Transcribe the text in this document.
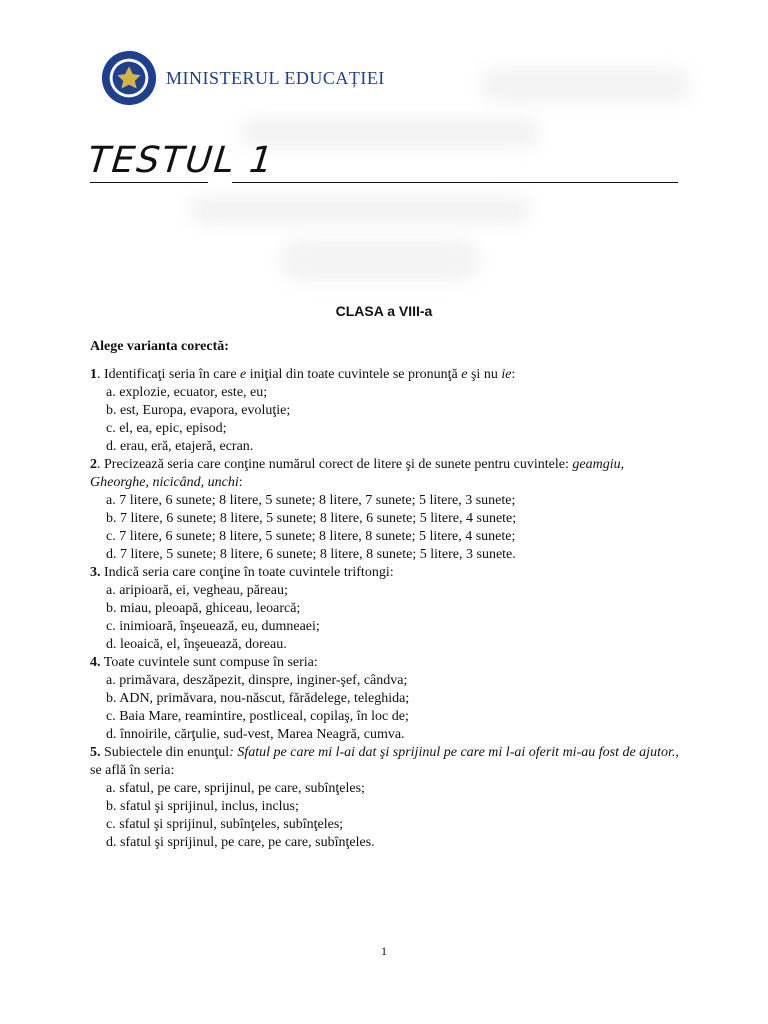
MINISTERUL EDUCAȚIEI
TESTUL 1
CLASA a VIII-a
Alege varianta corectă:
1. Identificaţi seria în care e iniţial din toate cuvintele se pronunţă e şi nu ie:
a. explozie, ecuator, este, eu;
b. est, Europa, evapora, evoluţie;
c. el, ea, epic, episod;
d. erau, eră, etajeră, ecran.
2. Precizează seria care conţine numărul corect de litere şi de sunete pentru cuvintele: geamgiu, Gheorghe, nicicând, unchi:
a. 7 litere, 6 sunete; 8 litere, 5 sunete; 8 litere, 7 sunete; 5 litere, 3 sunete;
b. 7 litere, 6 sunete; 8 litere, 5 sunete; 8 litere, 6 sunete; 5 litere, 4 sunete;
c. 7 litere, 6 sunete; 8 litere, 5 sunete; 8 litere, 8 sunete; 5 litere, 4 sunete;
d. 7 litere, 5 sunete; 8 litere, 6 sunete; 8 litere, 8 sunete; 5 litere, 3 sunete.
3. Indică seria care conţine în toate cuvintele triftongi:
a. aripioară, ei, vegheau, păreau;
b. miau, pleoapă, ghiceau, leoarcă;
c. inimioară, înşeuează, eu, dumneaei;
d. leoaică, el, înşeuează, doreau.
4. Toate cuvintele sunt compuse în seria:
a. primăvara, deszăpezit, dinspre, inginer-şef, cândva;
b. ADN, primăvara, nou-născut, fărădelege, teleghida;
c. Baia Mare, reamintire, postliceal, copilaş, în loc de;
d. înnoirile, cărţulie, sud-vest, Marea Neagră, cumva.
5. Subiectele din enunţul: Sfatul pe care mi l-ai dat şi sprijinul pe care mi l-ai oferit mi-au fost de ajutor., se află în seria:
a. sfatul, pe care, sprijinul, pe care, subînţeles;
b. sfatul şi sprijinul, inclus, inclus;
c. sfatul şi sprijinul, subînţeles, subînţeles;
d. sfatul şi sprijinul, pe care, pe care, subînţeles.
1
